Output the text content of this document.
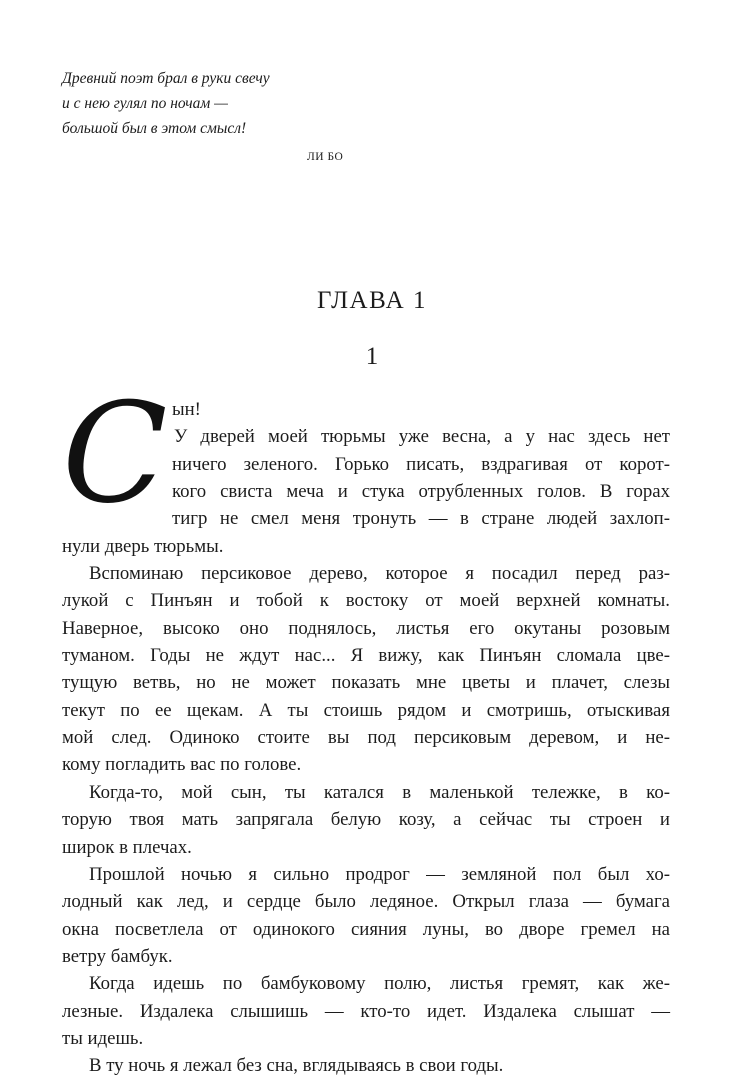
Древний поэт брал в руки свечу
и с нею гулял по ночам —
большой был в этом смысл!
ЛИ БО
ГЛАВА 1
1
С ын!
У дверей моей тюрьмы уже весна, а у нас здесь нет
ничего зеленого. Горько писать, вздрагивая от корот-
кого свиста меча и стука отрубленных голов. В горах
тигр не смел меня тронуть — в стране людей захлоп-
нули дверь тюрьмы.
Вспоминаю персиковое дерево, которое я посадил перед раз-
лукой с Пинъян и тобой к востоку от моей верхней комнаты.
Наверное, высоко оно поднялось, листья его окутаны розовым
туманом. Годы не ждут нас... Я вижу, как Пинъян сломала цве-
тущую ветвь, но не может показать мне цветы и плачет, слезы
текут по ее щекам. А ты стоишь рядом и смотришь, отыскивая
мой след. Одиноко стоите вы под персиковым деревом, и не-
кому погладить вас по голове.
Когда-то, мой сын, ты катался в маленькой тележке, в ко-
торую твоя мать запрягала белую козу, а сейчас ты строен и
широк в плечах.
Прошлой ночью я сильно продрог — земляной пол был хо-
лодный как лед, и сердце было ледяное. Открыл глаза — бумага
окна посветлела от одинокого сияния луны, во дворе гремел на
ветру бамбук.
Когда идешь по бамбуковому полю, листья гремят, как же-
лезные. Издалека слышишь — кто-то идет. Издалека слышат —
ты идешь.
В ту ночь я лежал без сна, вглядываясь в свои годы.
